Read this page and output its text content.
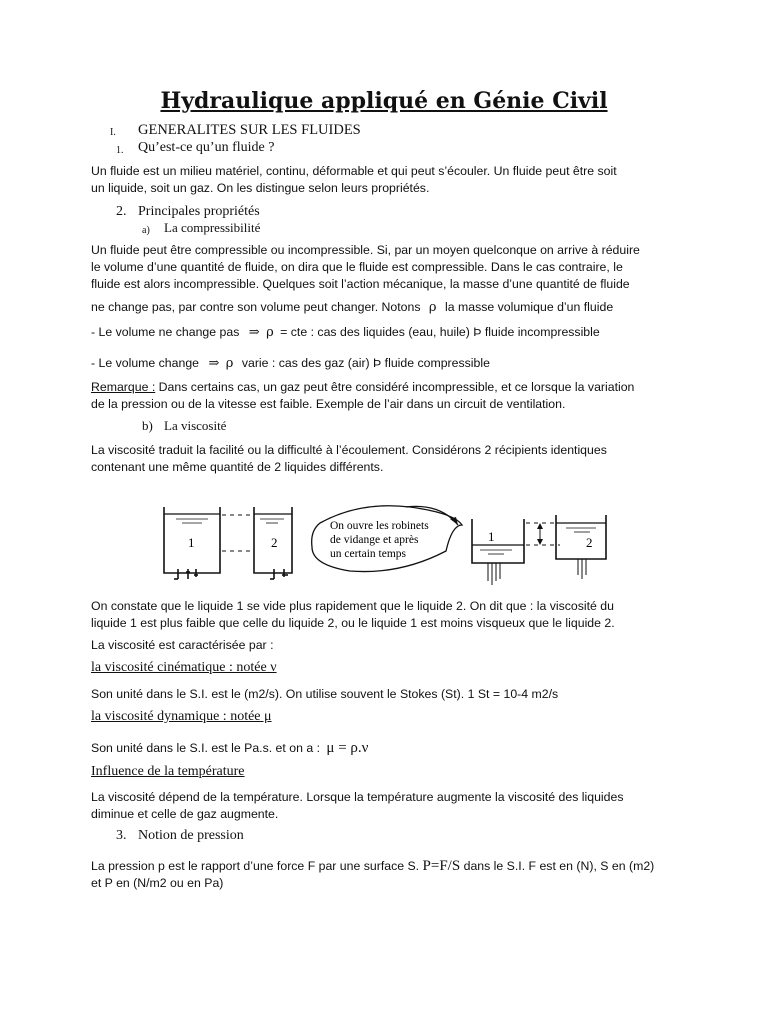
Hydraulique appliqué en Génie Civil
I. GENERALITES SUR LES FLUIDES
1. Qu’est-ce qu’un fluide ?
Un fluide est un milieu matériel, continu, déformable et qui peut s’écouler. Un fluide peut être soit
un liquide, soit un gaz. On les distingue selon leurs propriétés.
2. Principales propriétés
a) La compressibilité
Un fluide peut être compressible ou incompressible. Si, par un moyen quelconque on arrive à réduire
le volume d’une quantité de fluide, on dira que le fluide est compressible. Dans le cas contraire, le
fluide est alors incompressible. Quelques soit l’action mécanique, la masse d’une quantité de fluide
ne change pas, par contre son volume peut changer. Notons ρ la masse volumique d’un fluide
- Le volume ne change pas ⇒ ρ = cte : cas des liquides (eau, huile) Þ fluide incompressible
- Le volume change ⇒ ρ varie : cas des gaz (air) Þ fluide compressible
Remarque : Dans certains cas, un gaz peut être considéré incompressible, et ce lorsque la variation
de la pression ou de la vitesse est faible. Exemple de l’air dans un circuit de ventilation.
b) La viscosité
La viscosité traduit la facilité ou la difficulté à l’écoulement. Considérons 2 récipients identiques
contenant une même quantité de 2 liquides différents.
1	2	1	2
On ouvre les robinets
de vidange et après
un certain temps
On constate que le liquide 1 se vide plus rapidement que le liquide 2. On dit que : la viscosité du
liquide 1 est plus faible que celle du liquide 2, ou le liquide 1 est moins visqueux que le liquide 2.
La viscosité est caractérisée par :
la viscosité cinématique : notée ν
Son unité dans le S.I. est le (m2/s). On utilise souvent le Stokes (St). 1 St = 10-4 m2/s
la viscosité dynamique : notée μ
Son unité dans le S.I. est le Pa.s. et on a : μ = ρ.ν
Influence de la température
La viscosité dépend de la température. Lorsque la température augmente la viscosité des liquides
diminue et celle de gaz augmente.
3. Notion de pression
La pression p est le rapport d’une force F par une surface S. P=F/S dans le S.I. F est en (N), S en (m2)
et P en (N/m2 ou en Pa)
